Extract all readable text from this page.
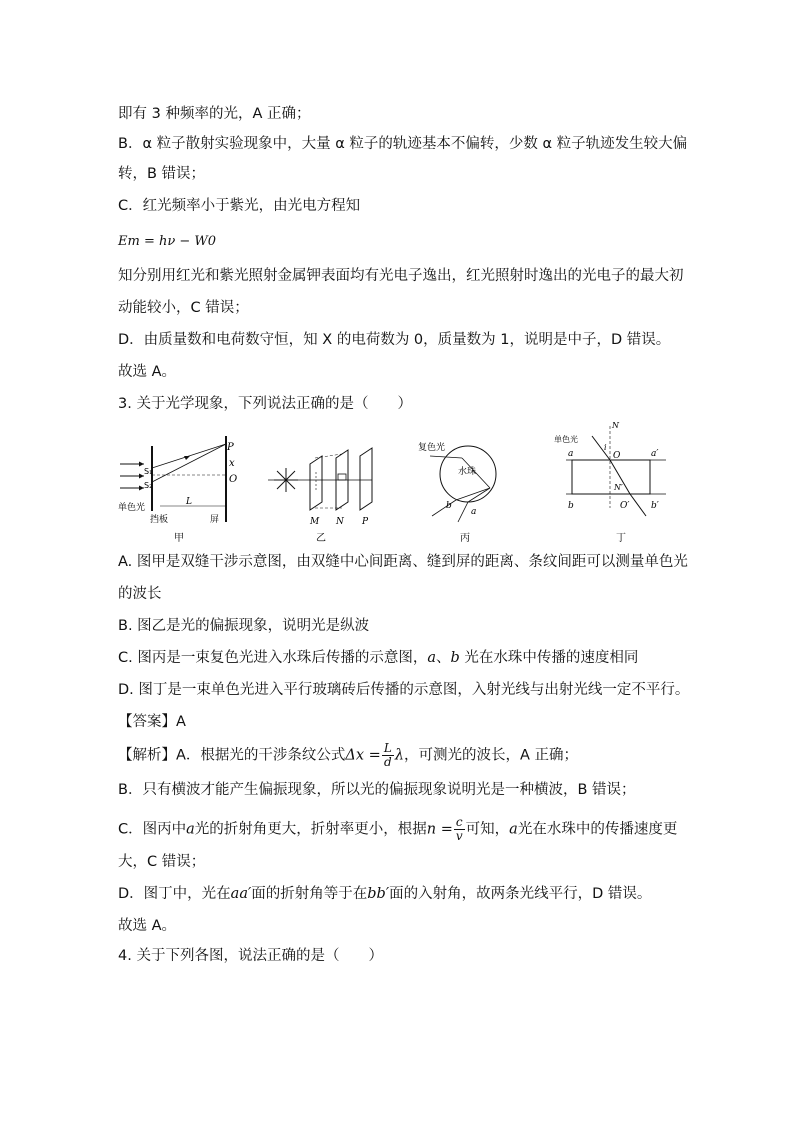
即有 3 种频率的光，A 正确；
B．α 粒子散射实验现象中，大量 α 粒子的轨迹基本不偏转，少数 α 粒子轨迹发生较大偏
转，B 错误；
C．红光频率小于紫光，由光电方程知
Em = hν − W0
知分别用红光和紫光照射金属钾表面均有光电子逸出，红光照射时逸出的光电子的最大初
动能较小，C 错误；
D．由质量数和电荷数守恒，知 X 的电荷数为 0，质量数为 1，说明是中子，D 错误。
故选 A。
3. 关于光学现象，下列说法正确的是（　　）
P
x
O
S₁
S₂
L
单色光
挡板	屏
甲
M N P
乙
复色光
水珠
b
a
丙
单色光
N
i
O
a	a′
b	b′
N′
O′
丁
A. 图甲是双缝干涉示意图，由双缝中心间距离、缝到屏的距离、条纹间距可以测量单色光
的波长
B. 图乙是光的偏振现象，说明光是纵波
C. 图丙是一束复色光进入水珠后传播的示意图，a、b 光在水珠中传播的速度相同
D. 图丁是一束单色光进入平行玻璃砖后传播的示意图，入射光线与出射光线一定不平行。
【答案】A
【解析】A．根据光的干涉条纹公式$\Delta x = \frac{L}{d}$ λ，可测光的波长，A 正确；
B．只有横波才能产生偏振现象，所以光的偏振现象说明光是一种横波，B 错误；
C．图丙中a光的折射角更大，折射率更小，根据$n = \frac{c}{v}$ 可知，a光在水珠中的传播速度更
大，C 错误；
D．图丁中，光在aa′面的折射角等于在bb′面的入射角，故两条光线平行，D 错误。
故选 A。
4. 关于下列各图，说法正确的是（　　）
